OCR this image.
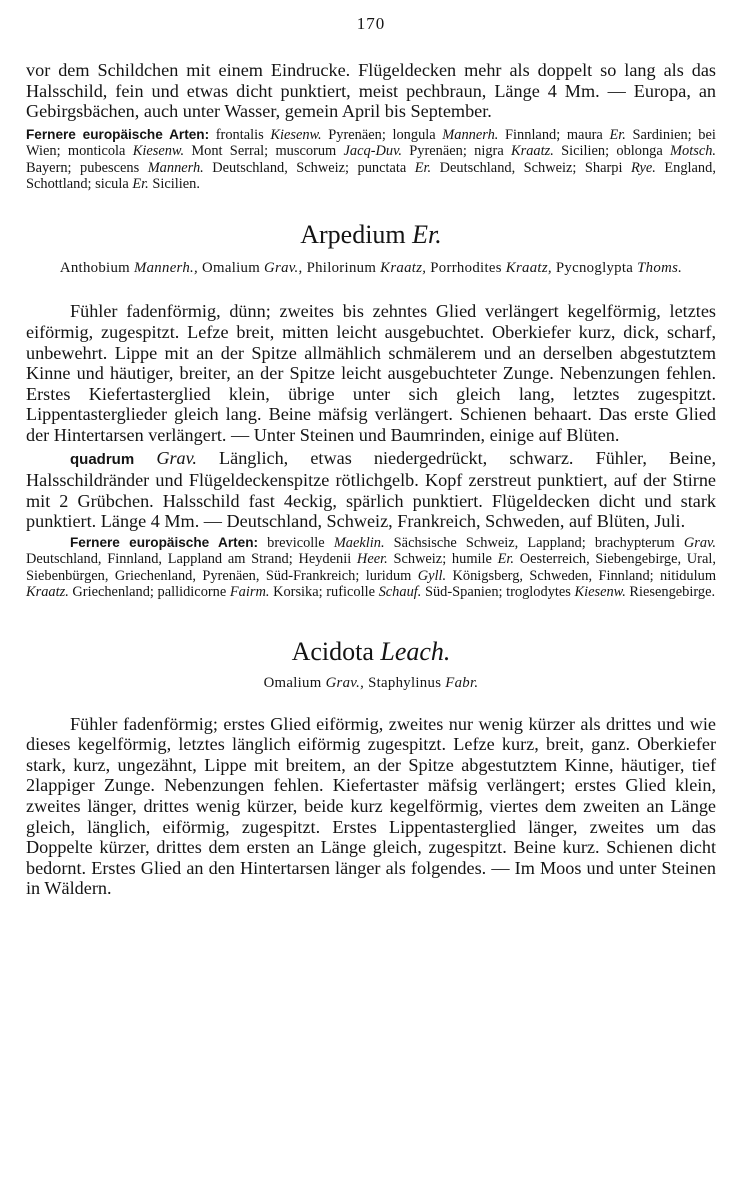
170

vor dem Schildchen mit einem Eindrucke. Flügeldecken mehr als doppelt so lang als das Halsschild, fein und etwas dicht punktiert, meist pechbraun, Länge 4 Mm. — Europa, an Gebirgsbächen, auch unter Wasser, gemein April bis September.

Fernere europäische Arten: frontalis Kiesenw. Pyrenäen; longula Mannerh. Finnland; maura Er. Sardinien; bei Wien; monticola Kiesenw. Mont Serral; muscorum Jacq-Duv. Pyrenäen; nigra Kraatz. Sicilien; oblonga Motsch. Bayern; pubescens Mannerh. Deutschland, Schweiz; punctata Er. Deutschland, Schweiz; Sharpi Rye. England, Schottland; sicula Er. Sicilien.

Arpedium Er.

Anthobium Mannerh., Omalium Grav., Philorinum Kraatz, Porrhodites Kraatz, Pycnoglypta Thoms.

Fühler fadenförmig, dünn; zweites bis zehntes Glied verlängert kegelförmig, letztes eiförmig, zugespitzt. Lefze breit, mitten leicht ausgebuchtet. Oberkiefer kurz, dick, scharf, unbewehrt. Lippe mit an der Spitze allmählich schmälerem und an derselben abgestutztem Kinne und häutiger, breiter, an der Spitze leicht ausgebuchteter Zunge. Nebenzungen fehlen. Erstes Kiefertasterglied klein, übrige unter sich gleich lang, letztes zugespitzt. Lippentasterglieder gleich lang. Beine mäfsig verlängert. Schienen behaart. Das erste Glied der Hintertarsen verlängert. — Unter Steinen und Baumrinden, einige auf Blüten.

quadrum Grav. Länglich, etwas niedergedrückt, schwarz. Fühler, Beine, Halsschildränder und Flügeldeckenspitze rötlichgelb. Kopf zerstreut punktiert, auf der Stirne mit 2 Grübchen. Halsschild fast 4eckig, spärlich punktiert. Flügeldecken dicht und stark punktiert. Länge 4 Mm. — Deutschland, Schweiz, Frankreich, Schweden, auf Blüten, Juli.

Fernere europäische Arten: brevicolle Maeklin. Sächsische Schweiz, Lappland; brachypterum Grav. Deutschland, Finnland, Lappland am Strand; Heydenii Heer. Schweiz; humile Er. Oesterreich, Siebengebirge, Ural, Siebenbürgen, Griechenland, Pyrenäen, Süd-Frankreich; luridum Gyll. Königsberg, Schweden, Finnland; nitidulum Kraatz. Griechenland; pallidicorne Fairm. Korsika; ruficolle Schauf. Süd-Spanien; troglodytes Kiesenw. Riesengebirge.

Acidota Leach.

Omalium Grav., Staphylinus Fabr.

Fühler fadenförmig; erstes Glied eiförmig, zweites nur wenig kürzer als drittes und wie dieses kegelförmig, letztes länglich eiförmig zugespitzt. Lefze kurz, breit, ganz. Oberkiefer stark, kurz, ungezähnt, Lippe mit breitem, an der Spitze abgestutztem Kinne, häutiger, tief 2lappiger Zunge. Nebenzungen fehlen. Kiefertaster mäfsig verlängert; erstes Glied klein, zweites länger, drittes wenig kürzer, beide kurz kegelförmig, viertes dem zweiten an Länge gleich, länglich, eiförmig, zugespitzt. Erstes Lippentasterglied länger, zweites um das Doppelte kürzer, drittes dem ersten an Länge gleich, zugespitzt. Beine kurz. Schienen dicht bedornt. Erstes Glied an den Hintertarsen länger als folgendes. — Im Moos und unter Steinen in Wäldern.
